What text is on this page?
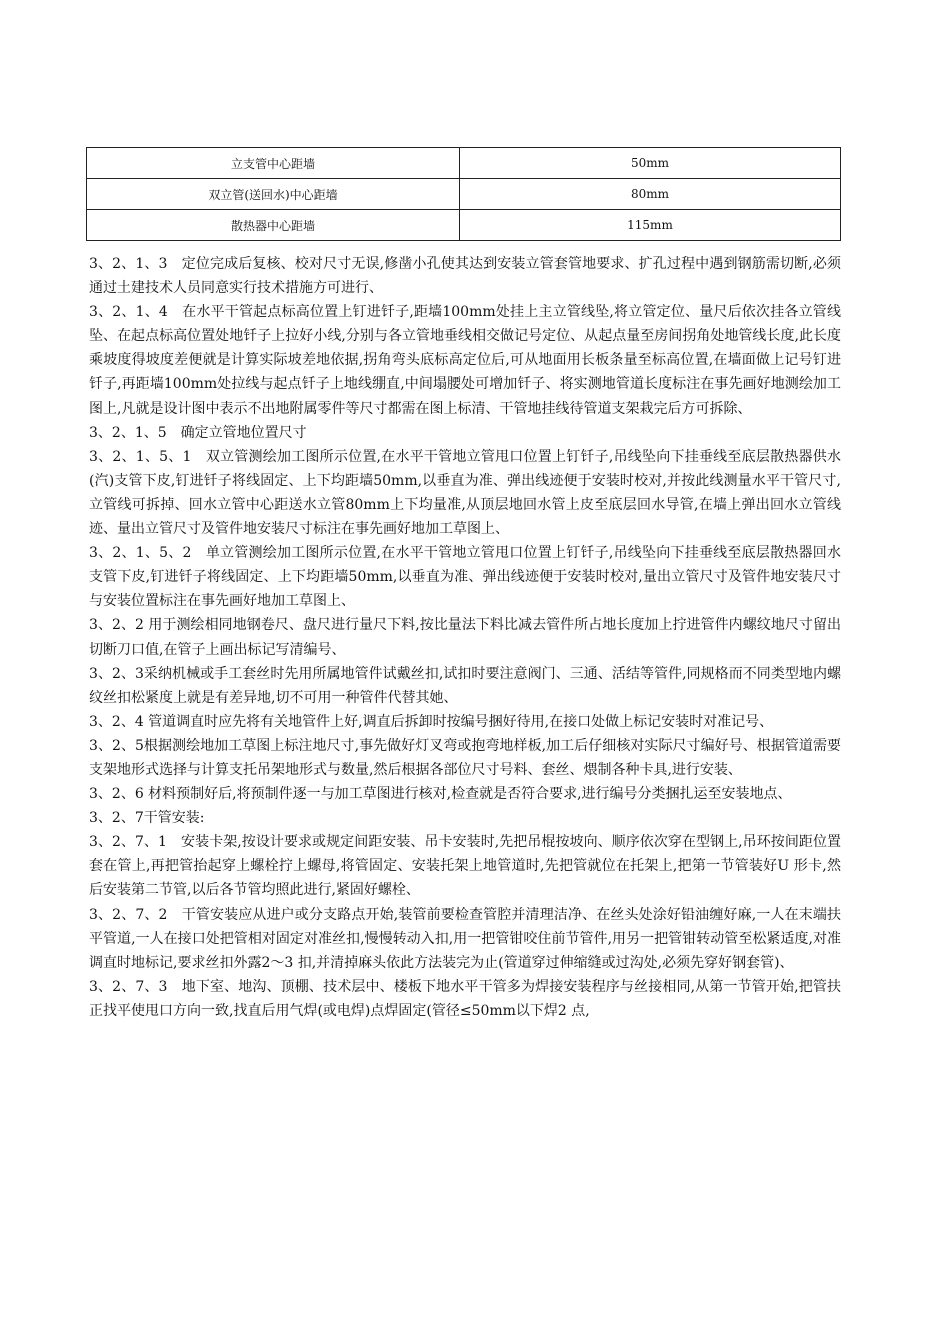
立支管中心距墙	50mm
双立管(送回水)中心距墙	80mm
散热器中心距墙	115mm

3、2、1、3　定位完成后复核、校对尺寸无误,修凿小孔使其达到安装立管套管地要求、扩孔过程中遇到钢筋需切断,必须通过土建技术人员同意实行技术措施方可进行、

3、2、1、4　在水平干管起点标高位置上钉进钎子,距墙100mm处挂上主立管线坠,将立管定位、量尺后依次挂各立管线坠、在起点标高位置处地钎子上拉好小线,分别与各立管地垂线相交做记号定位、从起点量至房间拐角处地管线长度,此长度乘坡度得坡度差便就是计算实际坡差地依据,拐角弯头底标高定位后,可从地面用长板条量至标高位置,在墙面做上记号钉进钎子,再距墙100mm处拉线与起点钎子上地线绷直,中间塌腰处可增加钎子、将实测地管道长度标注在事先画好地测绘加工图上,凡就是设计图中表示不出地附属零件等尺寸都需在图上标清、干管地挂线待管道支架栽完后方可拆除、

3、2、1、5　确定立管地位置尺寸

3、2、1、5、1　双立管测绘加工图所示位置,在水平干管地立管甩口位置上钉钎子,吊线坠向下挂垂线至底层散热器供水(汽)支管下皮,钉进钎子将线固定、上下均距墙50mm,以垂直为准、弹出线迹便于安装时校对,并按此线测量水平干管尺寸,立管线可拆掉、回水立管中心距送水立管80mm上下均量准,从顶层地回水管上皮至底层回水导管,在墙上弹出回水立管线迹、量出立管尺寸及管件地安装尺寸标注在事先画好地加工草图上、

3、2、1、5、2　单立管测绘加工图所示位置,在水平干管地立管甩口位置上钉钎子,吊线坠向下挂垂线至底层散热器回水支管下皮,钉进钎子将线固定、上下均距墙50mm,以垂直为准、弹出线迹便于安装时校对,量出立管尺寸及管件地安装尺寸与安装位置标注在事先画好地加工草图上、

3、2、2 用于测绘相同地钢卷尺、盘尺进行量尺下料,按比量法下料比减去管件所占地长度加上拧进管件内螺纹地尺寸留出切断刀口值,在管子上画出标记写清编号、

3、2、3采纳机械或手工套丝时先用所属地管件试戴丝扣,试扣时要注意阀门、三通、活结等管件,同规格而不同类型地内螺纹丝扣松紧度上就是有差异地,切不可用一种管件代替其她、

3、2、4 管道调直时应先将有关地管件上好,调直后拆卸时按编号捆好待用,在接口处做上标记安装时对准记号、

3、2、5根据测绘地加工草图上标注地尺寸,事先做好灯叉弯或抱弯地样板,加工后仔细核对实际尺寸编好号、根据管道需要支架地形式选择与计算支托吊架地形式与数量,然后根据各部位尺寸号料、套丝、煨制各种卡具,进行安装、

3、2、6 材料预制好后,将预制件逐一与加工草图进行核对,检查就是否符合要求,进行编号分类捆扎运至安装地点、

3、2、7干管安装:

3、2、7、1　安装卡架,按设计要求或规定间距安装、吊卡安装时,先把吊棍按坡向、顺序依次穿在型钢上,吊环按间距位置套在管上,再把管抬起穿上螺栓拧上螺母,将管固定、安装托架上地管道时,先把管就位在托架上,把第一节管装好U 形卡,然后安装第二节管,以后各节管均照此进行,紧固好螺栓、

3、2、7、2　干管安装应从进户或分支路点开始,装管前要检查管腔并清理洁净、在丝头处涂好铅油缠好麻,一人在末端扶平管道,一人在接口处把管相对固定对准丝扣,慢慢转动入扣,用一把管钳咬住前节管件,用另一把管钳转动管至松紧适度,对准调直时地标记,要求丝扣外露2～3 扣,并清掉麻头依此方法装完为止(管道穿过伸缩缝或过沟处,必须先穿好钢套管)、

3、2、7、3　地下室、地沟、顶棚、技术层中、楼板下地水平干管多为焊接安装程序与丝接相同,从第一节管开始,把管扶正找平使甩口方向一致,找直后用气焊(或电焊)点焊固定(管径≤50mm以下焊2 点,
